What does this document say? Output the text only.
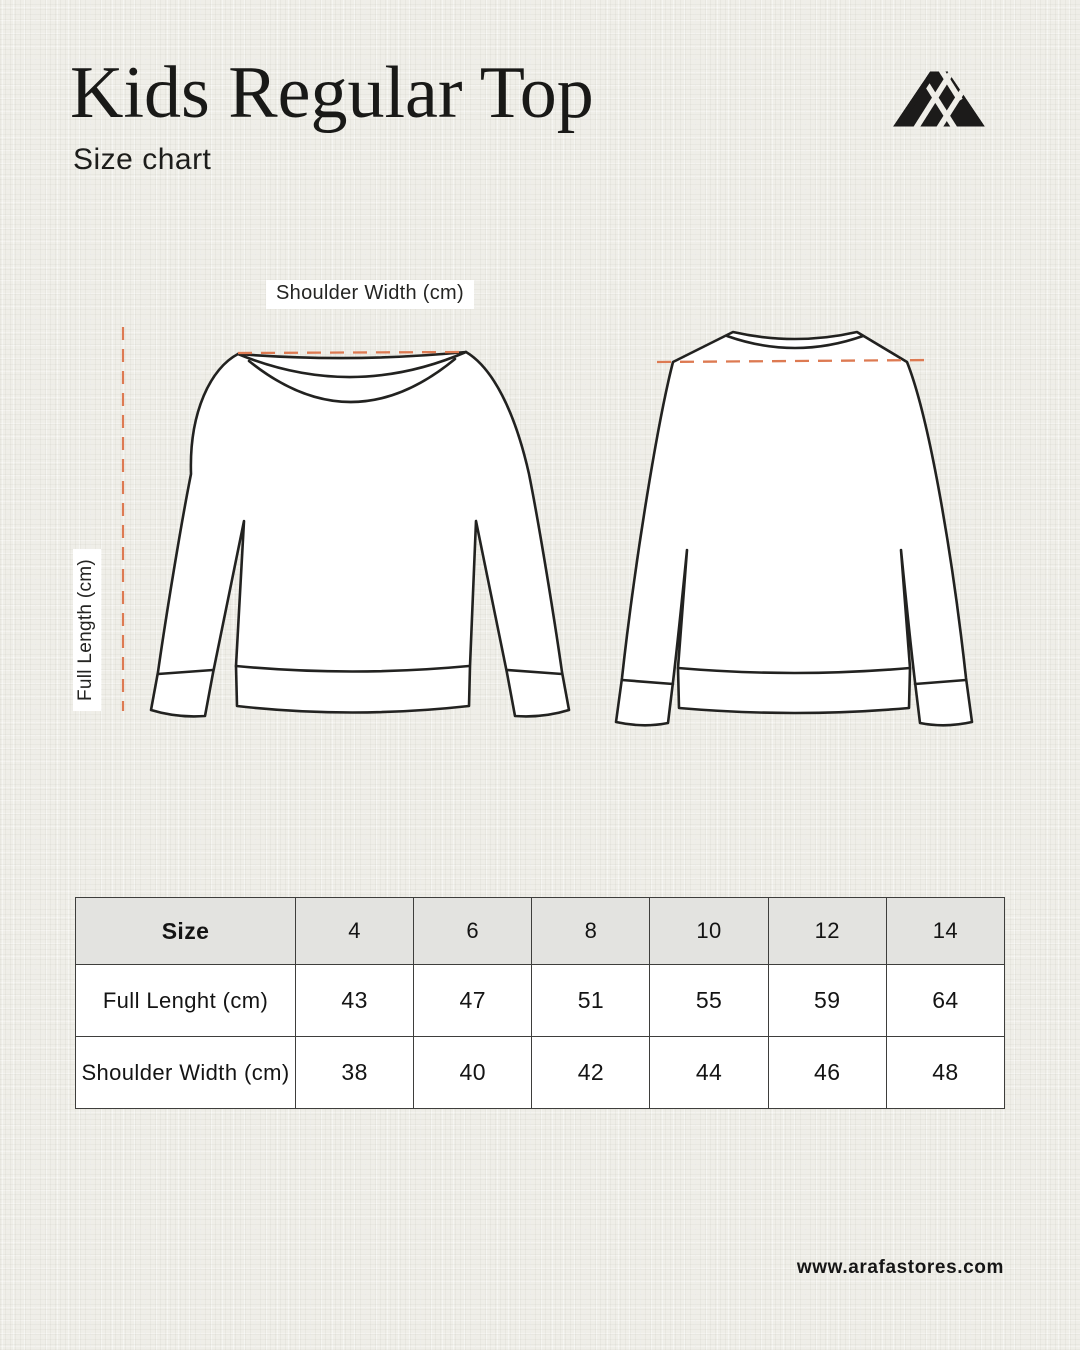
Kids Regular Top
Size chart
Shoulder Width (cm)
Full Length (cm)
Size	4	6	8	10	12	14
Full Lenght (cm)	43	47	51	55	59	64
Shoulder Width (cm)	38	40	42	44	46	48
www.arafastores.com
